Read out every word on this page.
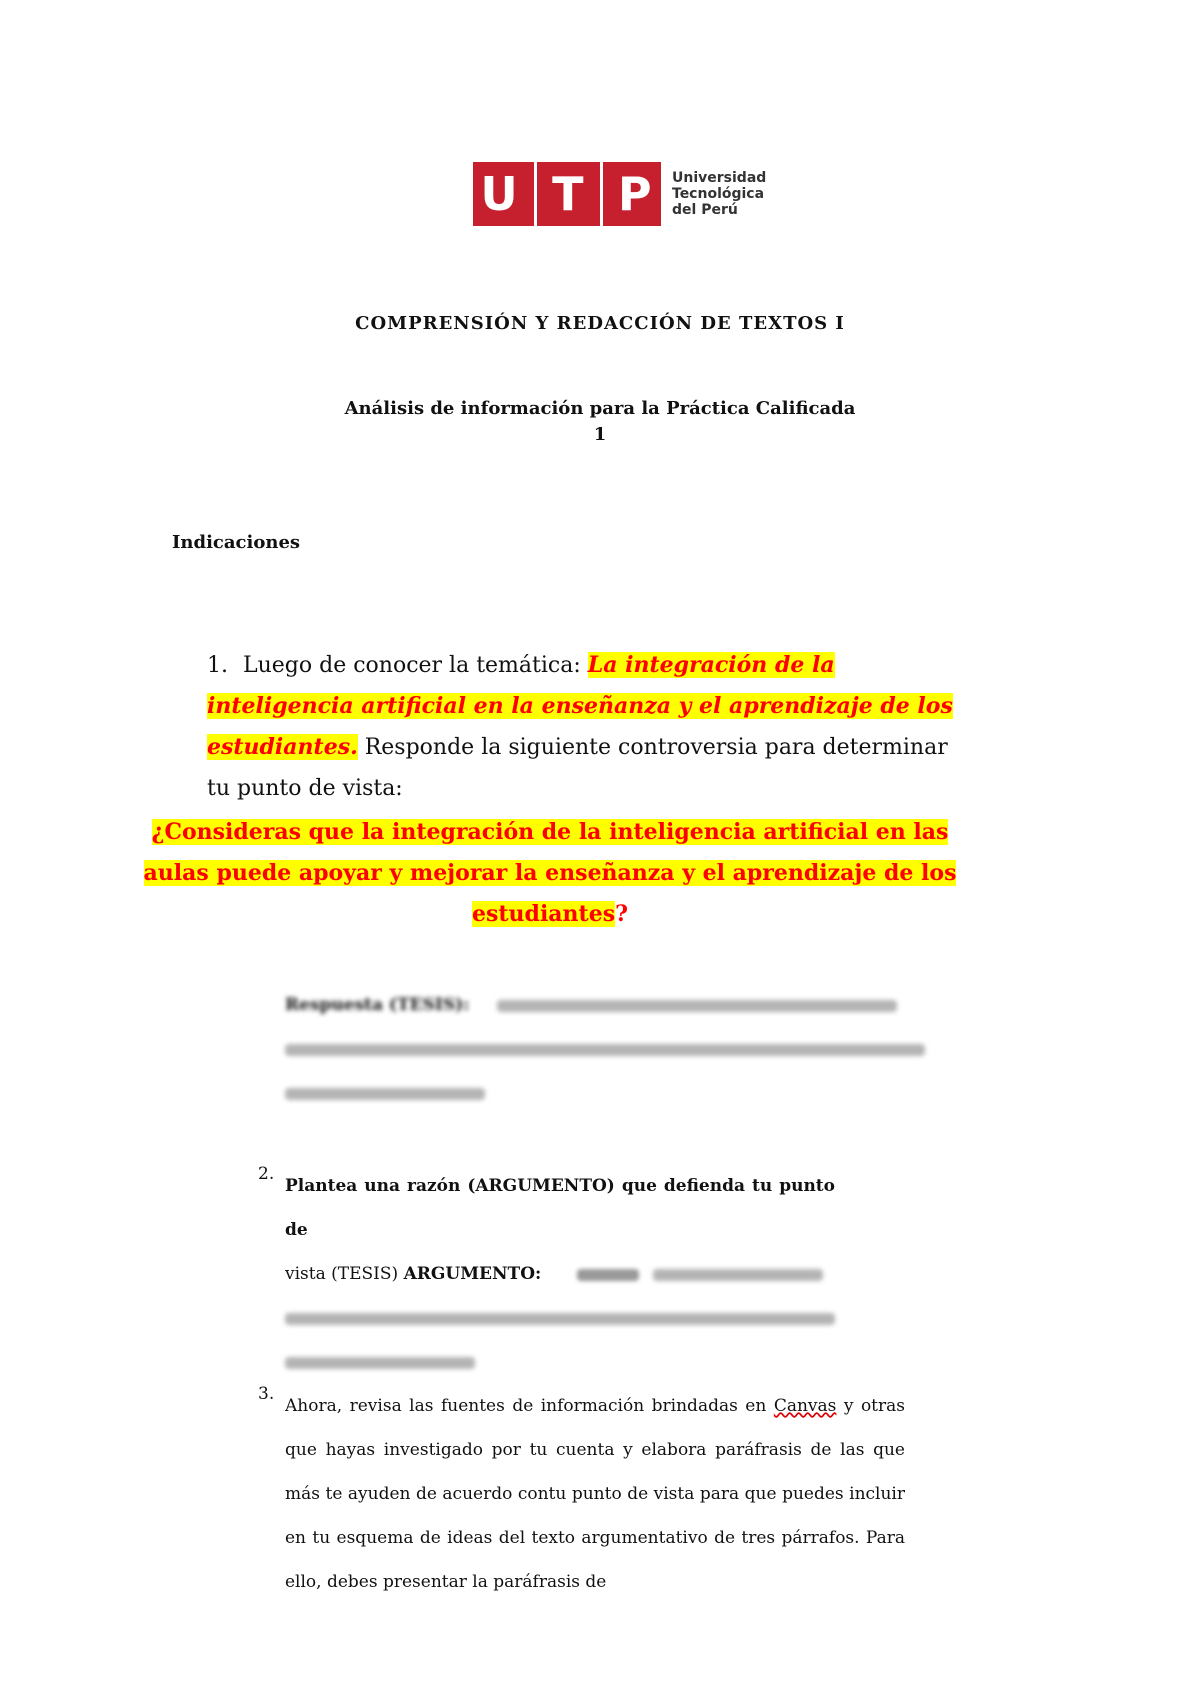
U T P Universidad
Tecnológica
del Perú
COMPRENSIÓN Y REDACCIÓN DE TEXTOS I
Análisis de información para la Práctica Calificada
1
Indicaciones
1. Luego de conocer la temática: La integración de la inteligencia artificial en la enseñanza y el aprendizaje de los estudiantes. Responde la siguiente controversia para determinar tu punto de vista:
¿Consideras que la integración de la inteligencia artificial en las aulas puede apoyar y mejorar la enseñanza y el aprendizaje de los estudiantes?
Respuesta (TESIS):
2.
Plantea una razón (ARGUMENTO) que defienda tu punto de
vista (TESIS) ARGUMENTO:
3.
Ahora, revisa las fuentes de información brindadas en Canvas y otras que hayas investigado por tu cuenta y elabora paráfrasis de las que más te ayuden de acuerdo contu punto de vista para que puedes incluir en tu esquema de ideas del texto argumentativo de tres párrafos. Para ello, debes presentar la paráfrasis de
